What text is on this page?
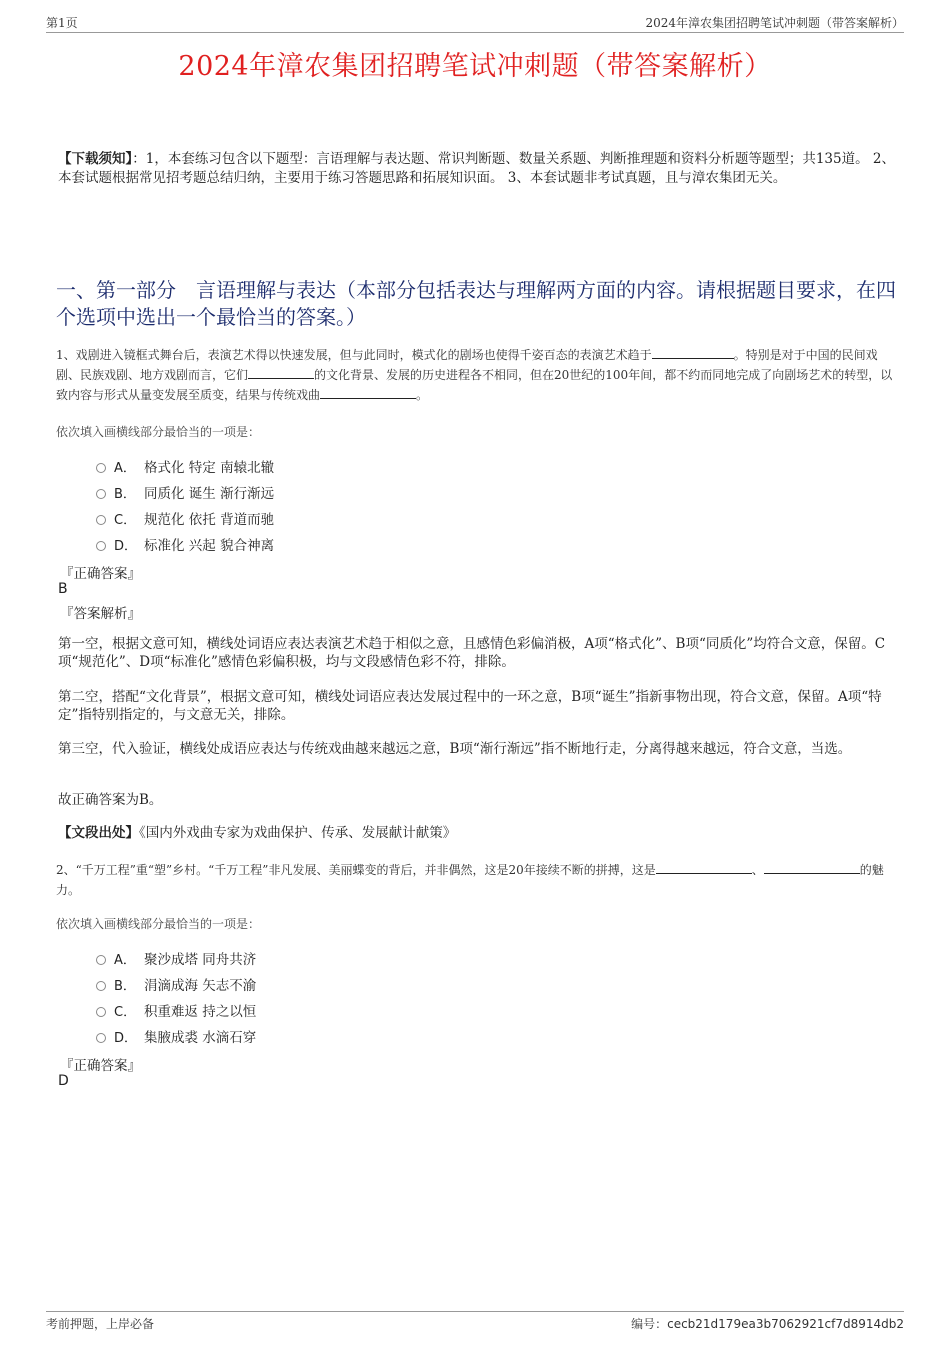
第1页	2024年漳农集团招聘笔试冲刺题（带答案解析）
2024年漳农集团招聘笔试冲刺题（带答案解析）
【下载须知】：1，本套练习包含以下题型：言语理解与表达题、常识判断题、数量关系题、判断推理题和资料分析题等题型；共135道。 2、本套试题根据常见招考题总结归纳，主要用于练习答题思路和拓展知识面。 3、本套试题非考试真题，且与漳农集团无关。
一、第一部分　言语理解与表达（本部分包括表达与理解两方面的内容。请根据题目要求，在四个选项中选出一个最恰当的答案。）
1、戏剧进入镜框式舞台后，表演艺术得以快速发展，但与此同时，模式化的剧场也使得千姿百态的表演艺术趋于	。特别是对于中国的民间戏剧、民族戏剧、地方戏剧而言，它们	的文化背景、发展的历史进程各不相同，但在20世纪的100年间，都不约而同地完成了向剧场艺术的转型，以致内容与形式从量变发展至质变，结果与传统戏曲	。
依次填入画横线部分最恰当的一项是：
A． 格式化 特定 南辕北辙
B． 同质化 诞生 渐行渐远
C． 规范化 依托 背道而驰
D． 标准化 兴起 貌合神离
『正确答案』
B
『答案解析』
第一空，根据文意可知，横线处词语应表达表演艺术趋于相似之意，且感情色彩偏消极，A项“格式化”、B项“同质化”均符合文意，保留。C项“规范化”、D项“标准化”感情色彩偏积极，均与文段感情色彩不符，排除。
第二空，搭配“文化背景”，根据文意可知，横线处词语应表达发展过程中的一环之意，B项“诞生”指新事物出现，符合文意，保留。A项“特定”指特别指定的，与文意无关，排除。
第三空，代入验证，横线处成语应表达与传统戏曲越来越远之意，B项“渐行渐远”指不断地行走，分离得越来越远，符合文意，当选。
故正确答案为B。
【文段出处】《国内外戏曲专家为戏曲保护、传承、发展献计献策》
2、“千万工程”重“塑”乡村。“千万工程”非凡发展、美丽蝶变的背后，并非偶然，这是20年接续不断的拼搏，这是	、	的魅力。
依次填入画横线部分最恰当的一项是：
A． 聚沙成塔 同舟共济
B． 涓滴成海 矢志不渝
C． 积重难返 持之以恒
D． 集腋成裘 水滴石穿
『正确答案』
D
考前押题，上岸必备	编号：cecb21d179ea3b7062921cf7d8914db2
